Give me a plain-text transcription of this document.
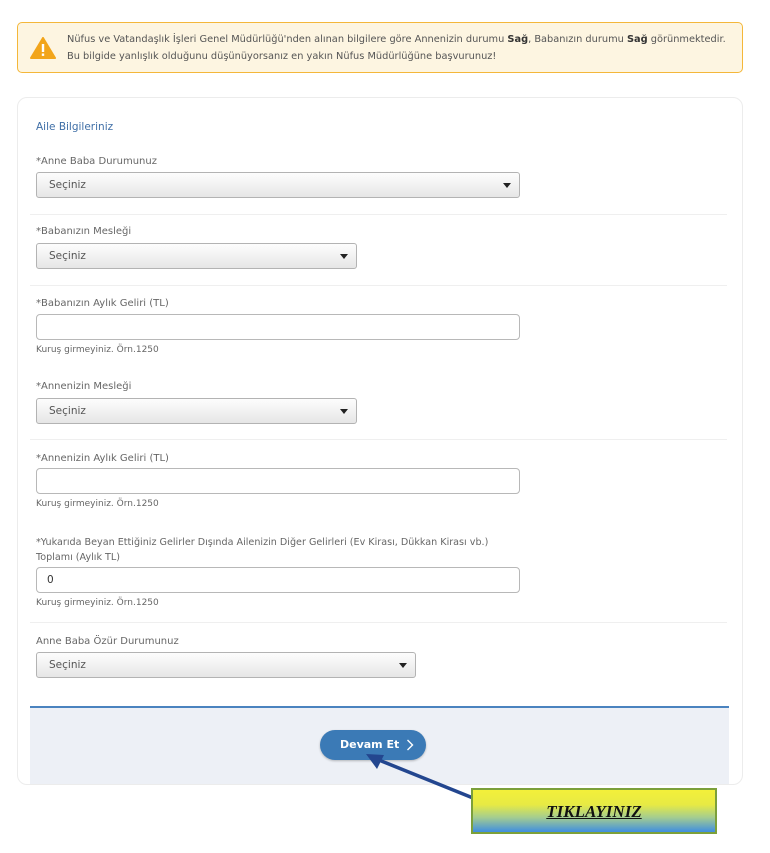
Nüfus ve Vatandaşlık İşleri Genel Müdürlüğü'nden alınan bilgilere göre Annenizin durumu Sağ, Babanızın durumu Sağ görünmektedir. Bu bilgide yanlışlık olduğunu düşünüyorsanız en yakın Nüfus Müdürlüğüne başvurunuz!
Aile Bilgileriniz
*Anne Baba Durumunuz
Seçiniz
*Babanızın Mesleği
Seçiniz
*Babanızın Aylık Geliri (TL)
Kuruş girmeyiniz. Örn.1250
*Annenizin Mesleği
Seçiniz
*Annenizin Aylık Geliri (TL)
Kuruş girmeyiniz. Örn.1250
*Yukarıda Beyan Ettiğiniz Gelirler Dışında Ailenizin Diğer Gelirleri (Ev Kirası, Dükkan Kirası vb.)
Toplamı (Aylık TL)
0
Kuruş girmeyiniz. Örn.1250
Anne Baba Özür Durumunuz
Seçiniz
Devam Et
TIKLAYINIZ
